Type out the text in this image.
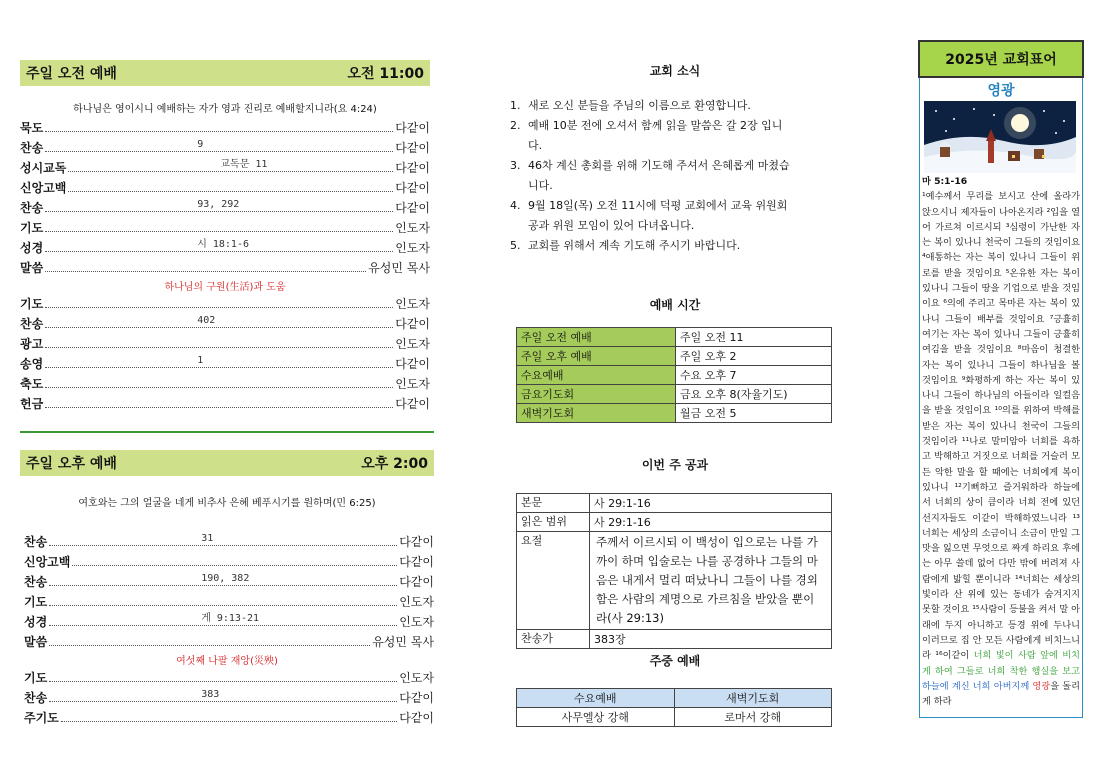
주일 오전 예배	오전 11:00
하나님은 영이시니 예배하는 자가 영과 진리로 예배할지니라(요 4:24)
묵도	다같이
찬송	9	다같이
성시교독	교독문 11	다같이
신앙고백	다같이
찬송	93, 292	다같이
기도	인도자
성경	시 18:1-6	인도자
말씀	유성민 목사
하나님의 구원(生活)과 도움
기도	인도자
찬송	402	다같이
광고	인도자
송영	1	다같이
축도	인도자
헌금	다같이
주일 오후 예배	오후 2:00
여호와는 그의 얼굴을 네게 비추사 은혜 베푸시기를 원하며(민 6:25)
찬송	31	다같이
신앙고백	다같이
찬송	190, 382	다같이
기도	인도자
성경	게 9:13-21	인도자
말씀	유성민 목사
여섯째 나팔 재앙(災殃)
기도	인도자
찬송	383	다같이
주기도	다같이
교회 소식
1. 새로 오신 분들을 주님의 이름으로 환영합니다.
2. 예배 10분 전에 오셔서 함께 읽을 말씀은 갈 2장 입니다.
3. 46차 계신 총회를 위해 기도해 주셔서 은혜롭게 마쳤습니다.
4. 9월 18일(목) 오전 11시에 덕평 교회에서 교육 위원회 공과 위원 모임이 있어 다녀옵니다.
5. 교회를 위해서 계속 기도해 주시기 바랍니다.
예배 시간
주일 오전 예배	주일 오전 11
주일 오후 예배	주일 오후 2
수요예배	수요 오후 7
금요기도회	금요 오후 8(자율기도)
새벽기도회	월금 오전 5
이번 주 공과
본문	사 29:1-16
읽은 범위	사 29:1-16
요절	주께서 이르시되 이 백성이 입으로는 나를 가까이 하며 입술로는 나를 공경하나 그들의 마음은 내게서 멀리 떠났나니 그들이 나를 경외함은 사람의 계명으로 가르침을 받았을 뿐이라(사 29:13)
찬송가	383장
주중 예배
수요예배	새벽기도회
사무엘상 강해	로마서 강해
2025년 교회표어
영광
마 5:1-16
¹예수께서 무리를 보시고 산에 올라가 앉으시니 제자들이 나아온지라 ²입을 열어 가르쳐 이르시되 ³심령이 가난한 자는 복이 있나니 천국이 그들의 것임이요 ⁴애통하는 자는 복이 있나니 그들이 위로를 받을 것임이요 ⁵온유한 자는 복이 있나니 그들이 땅을 기업으로 받을 것임이요 ⁶의에 주리고 목마른 자는 복이 있나니 그들이 배부를 것임이요 ⁷긍휼히 여기는 자는 복이 있나니 그들이 긍휼히 여김을 받을 것임이요 ⁸마음이 청결한 자는 복이 있나니 그들이 하나님을 볼 것임이요 ⁹화평하게 하는 자는 복이 있나니 그들이 하나님의 아들이라 일컬음을 받을 것임이요 ¹⁰의를 위하여 박해를 받은 자는 복이 있나니 천국이 그들의 것임이라 ¹¹나로 말미암아 너희를 욕하고 박해하고 거짓으로 너희를 거슬러 모든 악한 말을 할 때에는 너희에게 복이 있나니 ¹²기뻐하고 즐거워하라 하늘에서 너희의 상이 큼이라 너희 전에 있던 선지자들도 이같이 박해하였느니라 ¹³너희는 세상의 소금이니 소금이 만일 그 맛을 잃으면 무엇으로 짜게 하리요 후에는 아무 쓸데 없어 다만 밖에 버려져 사람에게 밟힐 뿐이니라 ¹⁴너희는 세상의 빛이라 산 위에 있는 동네가 숨겨지지 못할 것이요 ¹⁵사람이 등불을 켜서 말 아래에 두지 아니하고 등경 위에 두나니 이러므로 집 안 모든 사람에게 비치느니라 ¹⁶이같이 너희 빛이 사람 앞에 비치게 하여 그들로 너희 착한 행실을 보고 하늘에 계신 너희 아버지께 영광을 돌리게 하라
